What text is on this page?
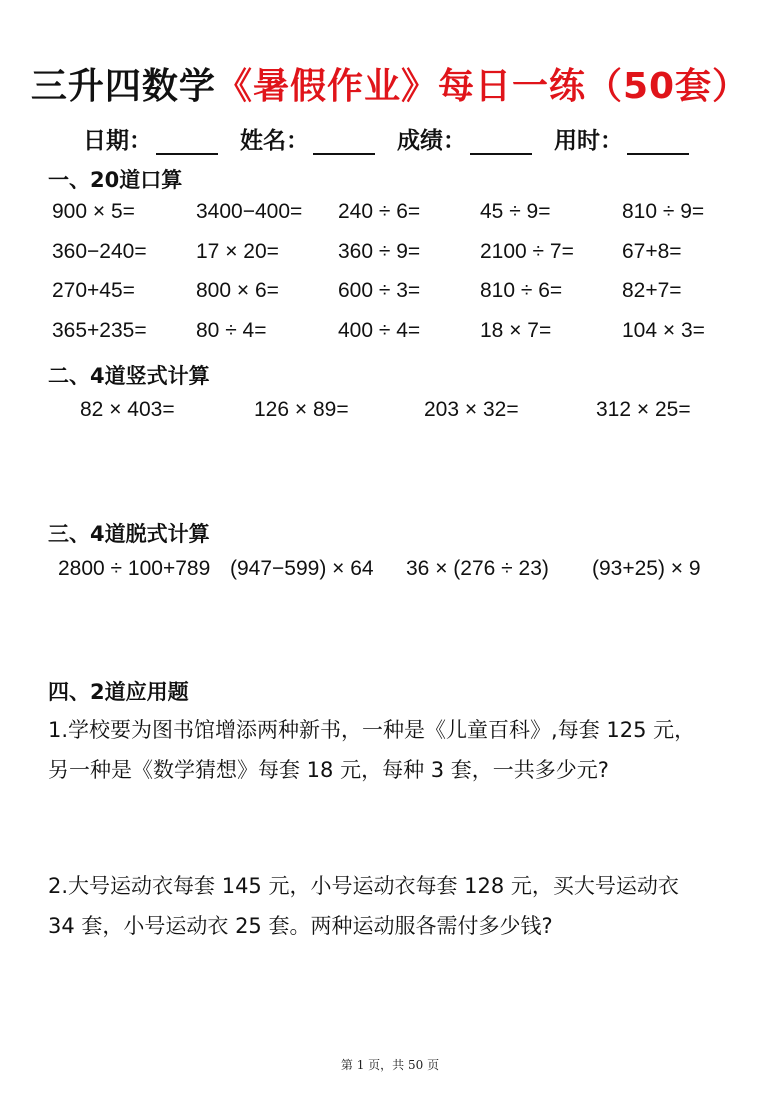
三升四数学《暑假作业》每日一练（50套）
日期：	姓名：	成绩：	用时：
一、20道口算
900 × 5=	3400−400=	240 ÷ 6=	45 ÷ 9=	810 ÷ 9=
360−240=	17 × 20=	360 ÷ 9=	2100 ÷ 7=	67+8=
270+45=	800 × 6=	600 ÷ 3=	810 ÷ 6=	82+7=
365+235=	80 ÷ 4=	400 ÷ 4=	18 × 7=	104 × 3=
二、4道竖式计算
82 × 403=	126 × 89=	203 × 32=	312 × 25=
三、4道脱式计算
2800 ÷ 100+789 (947−599) × 64 36 × (276 ÷ 23) (93+25) × 9
四、2道应用题
1.学校要为图书馆增添两种新书，一种是《儿童百科》,每套 125 元，
另一种是《数学猜想》每套 18 元，每种 3 套，一共多少元?
2.大号运动衣每套 145 元，小号运动衣每套 128 元，买大号运动衣
34 套，小号运动衣 25 套。两种运动服各需付多少钱?
第 1 页，共 50 页
